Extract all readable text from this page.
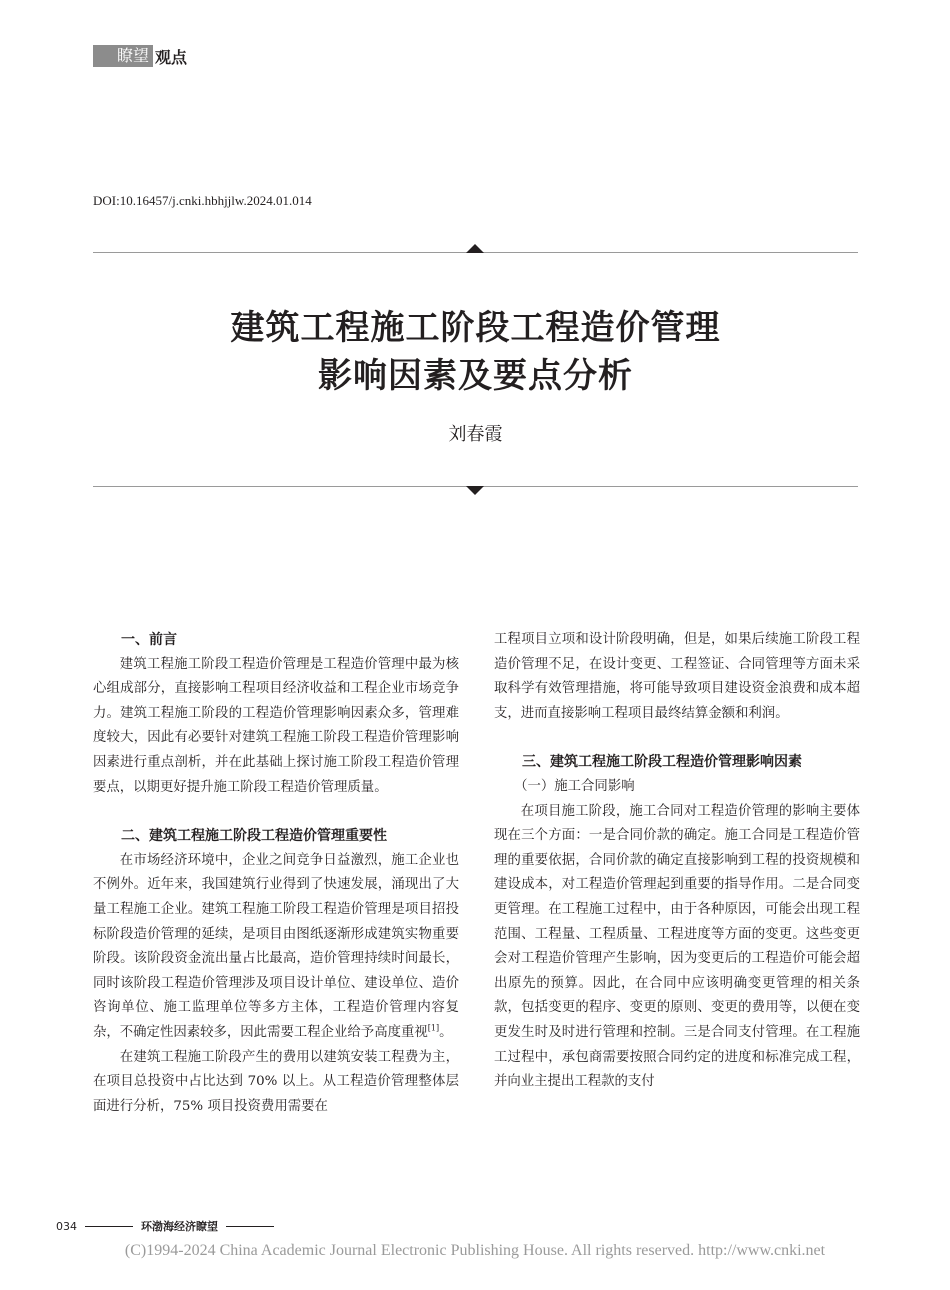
瞭望 观点
DOI:10.16457/j.cnki.hbhjjlw.2024.01.014
建筑工程施工阶段工程造价管理
影响因素及要点分析
刘春霞
一、前言

建筑工程施工阶段工程造价管理是工程造价管理中最为核心组成部分，直接影响工程项目经济收益和工程企业市场竞争力。建筑工程施工阶段的工程造价管理影响因素众多，管理难度较大，因此有必要针对建筑工程施工阶段工程造价管理影响因素进行重点剖析，并在此基础上探讨施工阶段工程造价管理要点，以期更好提升施工阶段工程造价管理质量。

二、建筑工程施工阶段工程造价管理重要性

在市场经济环境中，企业之间竞争日益激烈，施工企业也不例外。近年来，我国建筑行业得到了快速发展，涌现出了大量工程施工企业。建筑工程施工阶段工程造价管理是项目招投标阶段造价管理的延续，是项目由图纸逐渐形成建筑实物重要阶段。该阶段资金流出量占比最高，造价管理持续时间最长，同时该阶段工程造价管理涉及项目设计单位、建设单位、造价咨询单位、施工监理单位等多方主体，工程造价管理内容复杂，不确定性因素较多，因此需要工程企业给予高度重视[1]。

在建筑工程施工阶段产生的费用以建筑安装工程费为主，在项目总投资中占比达到 70% 以上。从工程造价管理整体层面进行分析，75% 项目投资费用需要在

工程项目立项和设计阶段明确，但是，如果后续施工阶段工程造价管理不足，在设计变更、工程签证、合同管理等方面未采取科学有效管理措施，将可能导致项目建设资金浪费和成本超支，进而直接影响工程项目最终结算金额和利润。

三、建筑工程施工阶段工程造价管理影响因素

（一）施工合同影响

在项目施工阶段，施工合同对工程造价管理的影响主要体现在三个方面：一是合同价款的确定。施工合同是工程造价管理的重要依据，合同价款的确定直接影响到工程的投资规模和建设成本，对工程造价管理起到重要的指导作用。二是合同变更管理。在工程施工过程中，由于各种原因，可能会出现工程范围、工程量、工程质量、工程进度等方面的变更。这些变更会对工程造价管理产生影响，因为变更后的工程造价可能会超出原先的预算。因此，在合同中应该明确变更管理的相关条款，包括变更的程序、变更的原则、变更的费用等，以便在变更发生时及时进行管理和控制。三是合同支付管理。在工程施工过程中，承包商需要按照合同约定的进度和标准完成工程，并向业主提出工程款的支付

034	环渤海经济瞭望
(C)1994-2024 China Academic Journal Electronic Publishing House. All rights reserved. http://www.cnki.net
